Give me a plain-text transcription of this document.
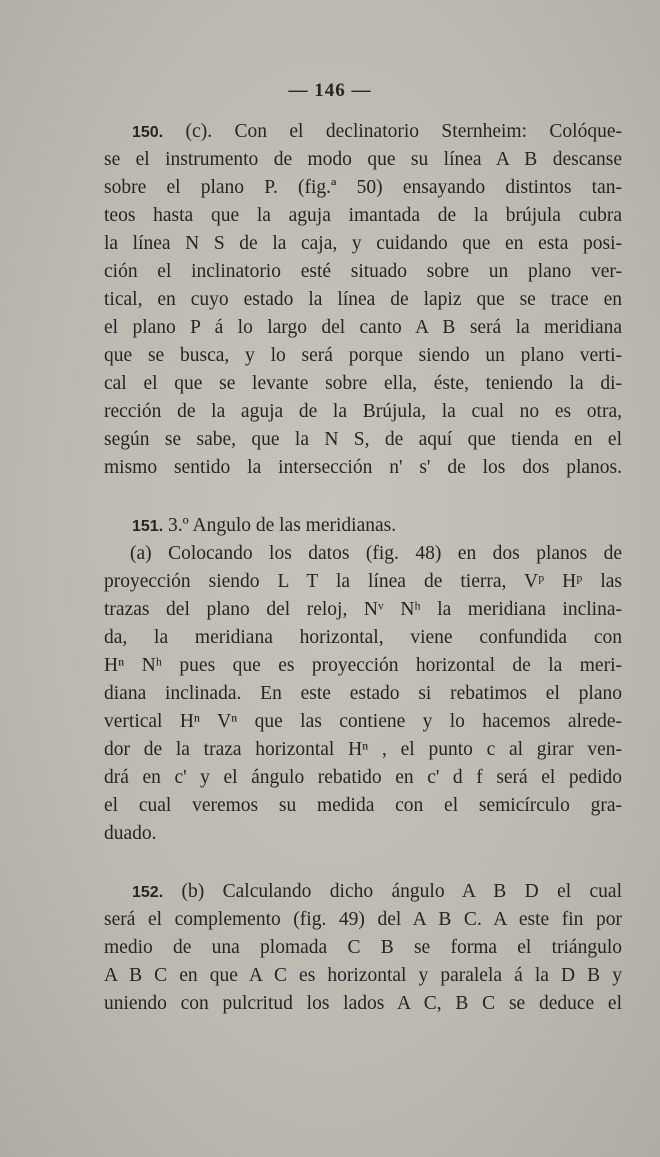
— 146 —
150. (c). Con el declinatorio Sternheim: Colóque-
se el instrumento de modo que su línea A B descanse
sobre el plano P. (fig.ª 50) ensayando distintos tan-
teos hasta que la aguja imantada de la brújula cubra
la línea N S de la caja, y cuidando que en esta posi-
ción el inclinatorio esté situado sobre un plano ver-
tical, en cuyo estado la línea de lapiz que se trace en
el plano P á lo largo del canto A B será la meridiana
que se busca, y lo será porque siendo un plano verti-
cal el que se levante sobre ella, éste, teniendo la di-
rección de la aguja de la Brújula, la cual no es otra,
según se sabe, que la N S, de aquí que tienda en el
mismo sentido la intersección n' s' de los dos planos.
151. 3.º Angulo de las meridianas.
(a) Colocando los datos (fig. 48) en dos planos de
proyección siendo L T la línea de tierra, Vᵖ Hᵖ las
trazas del plano del reloj, Nᵛ Nʰ la meridiana inclina-
da, la meridiana horizontal, viene confundida con
Hⁿ Nʰ pues que es proyección horizontal de la meri-
diana inclinada. En este estado si rebatimos el plano
vertical Hⁿ Vⁿ que las contiene y lo hacemos alrede-
dor de la traza horizontal Hⁿ , el punto c al girar ven-
drá en c' y el ángulo rebatido en c' d f será el pedido
el cual veremos su medida con el semicírculo gra-
duado.
152. (b) Calculando dicho ángulo A B D el cual
será el complemento (fig. 49) del A B C. A este fin por
medio de una plomada C B se forma el triángulo
A B C en que A C es horizontal y paralela á la D B y
uniendo con pulcritud los lados A C, B C se deduce el
